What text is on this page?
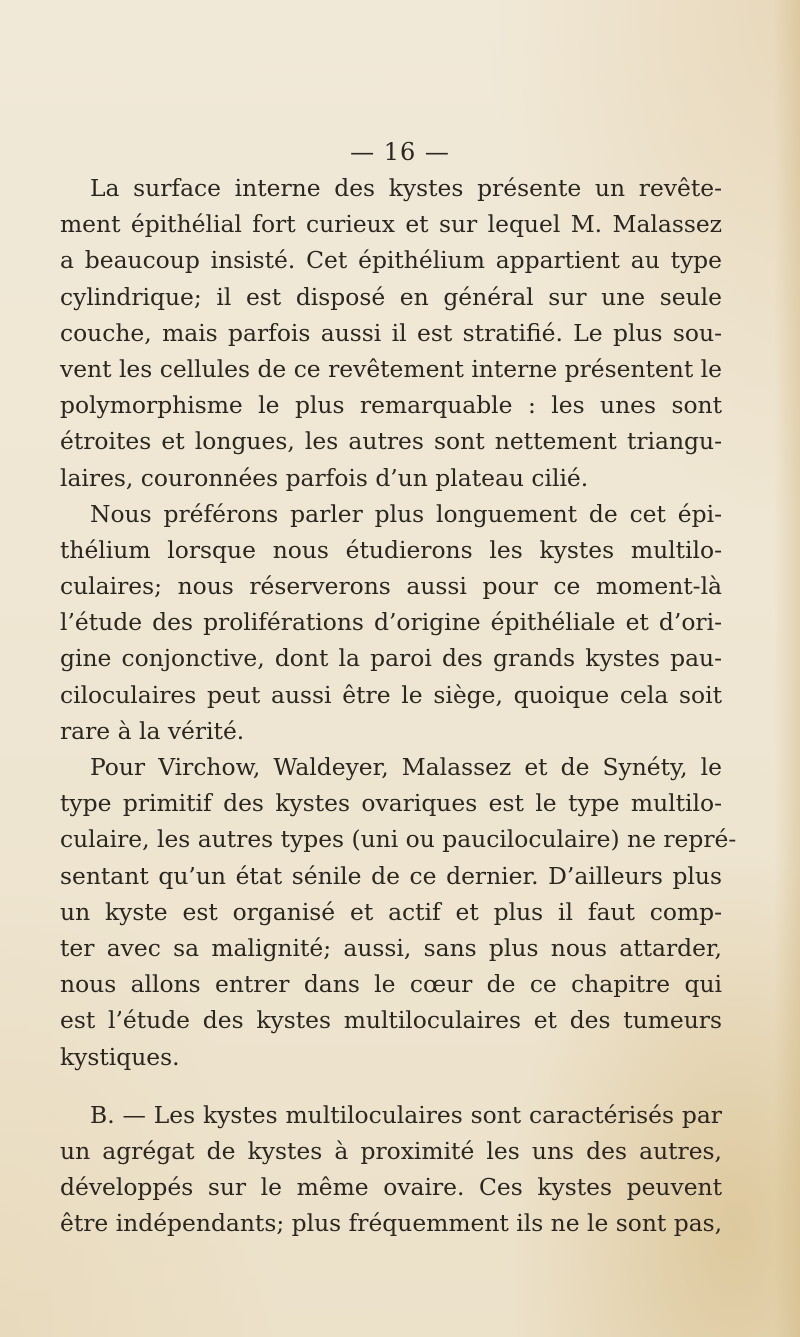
— 16 —
La surface interne des kystes présente un revête-
ment épithélial fort curieux et sur lequel M. Malassez
a beaucoup insisté. Cet épithélium appartient au type
cylindrique; il est disposé en général sur une seule
couche, mais parfois aussi il est stratifié. Le plus sou-
vent les cellules de ce revêtement interne présentent le
polymorphisme le plus remarquable : les unes sont
étroites et longues, les autres sont nettement triangu-
laires, couronnées parfois d’un plateau cilié.
Nous préférons parler plus longuement de cet épi-
thélium lorsque nous étudierons les kystes multilo-
culaires; nous réserverons aussi pour ce moment-là
l’étude des proliférations d’origine épithéliale et d’ori-
gine conjonctive, dont la paroi des grands kystes pau-
ciloculaires peut aussi être le siège, quoique cela soit
rare à la vérité.
Pour Virchow, Waldeyer, Malassez et de Synéty, le
type primitif des kystes ovariques est le type multilo-
culaire, les autres types (uni ou pauciloculaire) ne repré-
sentant qu’un état sénile de ce dernier. D’ailleurs plus
un kyste est organisé et actif et plus il faut comp-
ter avec sa malignité; aussi, sans plus nous attarder,
nous allons entrer dans le cœur de ce chapitre qui
est l’étude des kystes multiloculaires et des tumeurs
kystiques.
B. — Les kystes multiloculaires sont caractérisés par
un agrégat de kystes à proximité les uns des autres,
développés sur le même ovaire. Ces kystes peuvent
être indépendants; plus fréquemment ils ne le sont pas,
